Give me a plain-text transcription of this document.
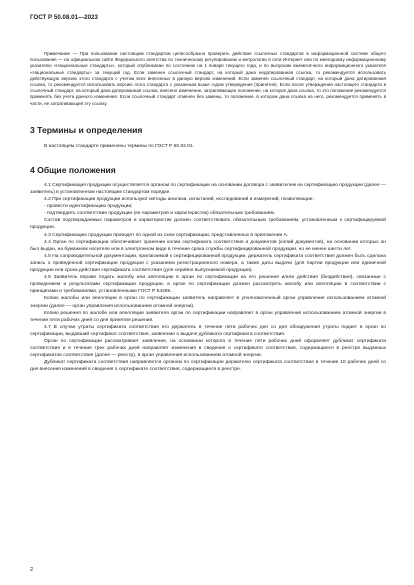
ГОСТ Р 50.08.01—2023

Примечание — При пользовании настоящим стандартом целесообразно проверить действие ссылочных стандартов в информационной системе общего пользования — на официальном сайте Федерального агентства по техническому регулированию и метрологии в сети Интернет или по ежегодному информационному указателю «Национальные стандарты», который опубликован по состоянию на 1 января текущего года, и по выпускам ежемесячного информационного указателя «Национальные стандарты» за текущий год. Если заменен ссылочный стандарт, на который дана недатированная ссылка, то рекомендуется использовать действующую версию этого стандарта с учетом всех внесенных в данную версию изменений. Если заменен ссылочный стандарт, на который дана датированная ссылка, то рекомендуется использовать версию этого стандарта с указанным выше годом утверждения (принятия). Если после утверждения настоящего стандарта в ссылочный стандарт, на который дана датированная ссылка, внесено изменение, затрагивающее положение, на которое дана ссылка, то это положение рекомендуется применять без учета данного изменения. Если ссылочный стандарт отменен без замены, то положение, в котором дана ссылка на него, рекомендуется применять в части, не затрагивающей эту ссылку.

3 Термины и определения

В настоящем стандарте применены термины по ГОСТ Р 50.02.01.

4 Общие положения

4.1 Сертификация продукции осуществляется органом по сертификации на основании договора с заявителем на сертификацию продукции (далее — заявитель) в установленном настоящим стандартом порядке.

4.2 При сертификации продукции используют методы анализа, испытаний, исследований и измерений, позволяющие:

- провести идентификацию продукции;

- подтвердить соответствие продукции (ее параметров и характеристик) обязательным требованиям.

Состав подтверждаемых параметров и характеристик должен соответствовать обязательным требованиям, установленным к сертифицируемой продукции.

4.3 Сертификацию продукции проводят по одной из схем сертификации, представленных в приложении А.

4.4 Орган по сертификации обеспечивает хранение копии сертификата соответствия и документов (копий документов), на основании которых он был выдан, на бумажном носителе или в электронном виде в течение срока службы сертифицированной продукции, но не менее шести лет.

4.5 На сопроводительной документации, прилагаемой к сертифицированной продукции, держатель сертификата соответствия должен быть сделана запись о проведенной сертификации продукции с указанием регистрационного номера, а также даты выдачи (для партии продукции или единичной продукции или срока действия сертификата соответствия (для серийно выпускаемой продукции).

4.6 Заявитель вправе подать жалобу или апелляцию в орган по сертификации на его решения и/или действия (бездействия), связанные с проведением и результатами сертификации продукции, а орган по сертификации должен рассмотреть жалобу или апелляцию в соответствии с принципами и требованиями, установленными ГОСТ Р 54295.

Копию жалобы или апелляции в орган по сертификации заявитель направляет в уполномоченный орган управления использованием атомной энергии (далее — орган управления использованием атомной энергии).

Копию решения по жалобе или апелляции заявителя орган по сертификации направляет в орган управления использованием атомной энергии в течение пяти рабочих дней со дня принятия решения.

4.7 В случае утраты сертификата соответствия его держатель в течение пяти рабочих дня со дня обнаружения утраты подает в орган по сертификации, выдавший сертификат соответствия, заявление о выдаче дубликата сертификата соответствия.

Орган по сертификации рассматривает заявление, на основании которого в течение пяти рабочих дней оформляет дубликат сертификата соответствия и в течение трех рабочих дней направляет изменения в сведения о сертификате соответствия, содержащиеся в реестре выданных сертификатов соответствия (далее — реестр), в орган управления использованием атомной энергии.

Дубликат сертификата соответствия направляется органом по сертификации держателю сертификата соответствия в течение 10 рабочих дней со дня внесения изменений в сведения о сертификате соответствия, содержащиеся в реестре.

2
